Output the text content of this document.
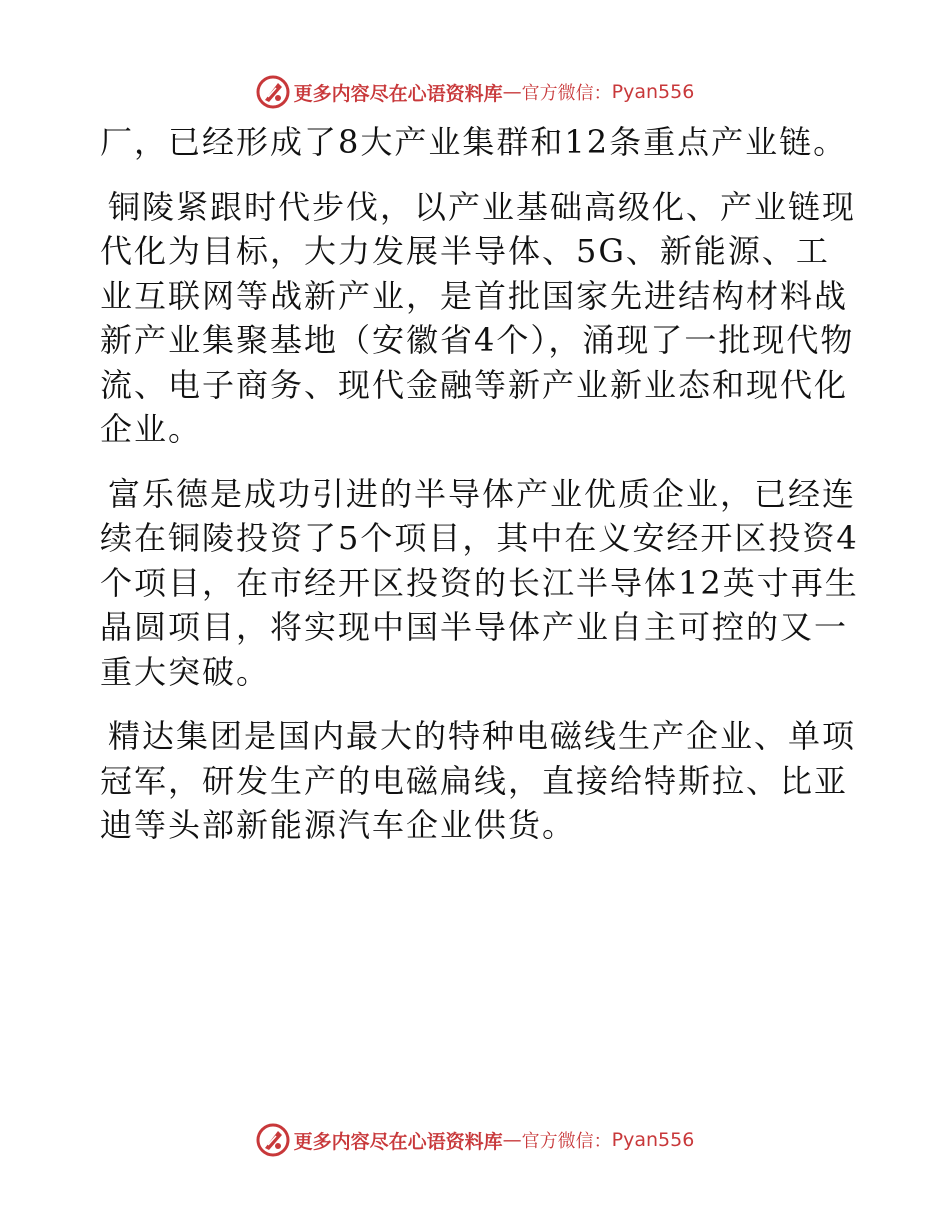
更多内容尽在心语资料库 — 官方微信： Pyan556

厂，已经形成了8大产业集群和12条重点产业链。

铜陵紧跟时代步伐，以产业基础高级化、产业链现代化为目标，大力发展半导体、5G、新能源、工业互联网等战新产业，是首批国家先进结构材料战新产业集聚基地（安徽省4个），涌现了一批现代物流、电子商务、现代金融等新产业新业态和现代化企业。

富乐德是成功引进的半导体产业优质企业，已经连续在铜陵投资了5个项目，其中在义安经开区投资4个项目，在市经开区投资的长江半导体12英寸再生晶圆项目，将实现中国半导体产业自主可控的又一重大突破。

精达集团是国内最大的特种电磁线生产企业、单项冠军，研发生产的电磁扁线，直接给特斯拉、比亚迪等头部新能源汽车企业供货。

更多内容尽在心语资料库 — 官方微信： Pyan556
